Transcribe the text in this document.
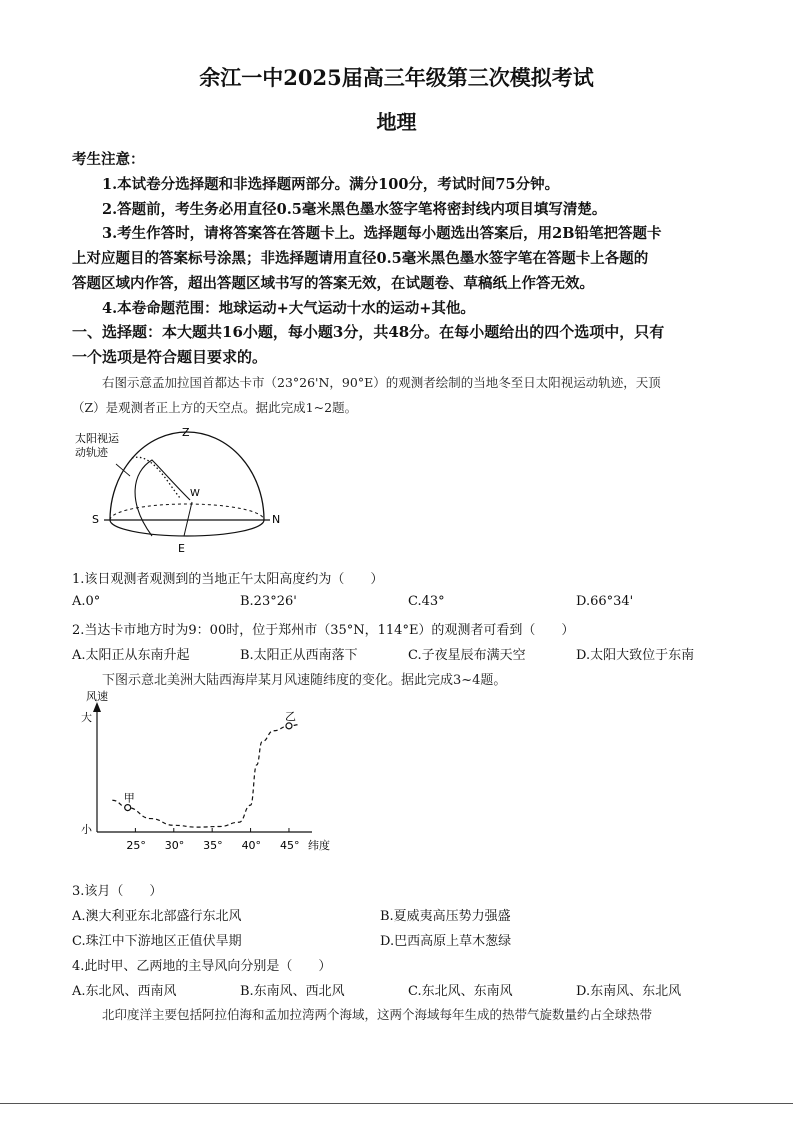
余江一中2025届高三年级第三次模拟考试
地理
考生注意：
1.本试卷分选择题和非选择题两部分。满分100分，考试时间75分钟。
2.答题前，考生务必用直径0.5毫米黑色墨水签字笔将密封线内项目填写清楚。
3.考生作答时，请将答案答在答题卡上。选择题每小题选出答案后，用2B铅笔把答题卡
上对应题目的答案标号涂黑；非选择题请用直径0.5毫米黑色墨水签字笔在答题卡上各题的
答题区域内作答，超出答题区域书写的答案无效，在试题卷、草稿纸上作答无效。
4.本卷命题范围：地球运动+大气运动十水的运动+其他。
一、选择题：本大题共16小题，每小题3分，共48分。在每小题给出的四个选项中，只有
一个选项是符合题目要求的。
右图示意孟加拉国首都达卡市（23°26'N，90°E）的观测者绘制的当地冬至日太阳视运动轨迹，天顶
（Z）是观测者正上方的天空点。据此完成1~2题。
太阳视运
动轨迹
Z
W
S	N
E
1.该日观测者观测到的当地正午太阳高度约为（　　）
A.0°	B.23°26'	C.43°	D.66°34'
2.当达卡市地方时为9：00时，位于郑州市（35°N，114°E）的观测者可看到（　　）
A.太阳正从东南升起	B.太阳正从西南落下	C.子夜星辰布满天空	D.太阳大致位于东南
下图示意北美洲大陆西海岸某月风速随纬度的变化。据此完成3~4题。
风速
大
小
纬度
25° 30° 35° 40° 45°
甲
乙
3.该月（　　）
A.澳大利亚东北部盛行东北风	B.夏威夷高压势力强盛
C.珠江中下游地区正值伏旱期	D.巴西高原上草木葱绿
4.此时甲、乙两地的主导风向分别是（　　）
A.东北风、西南风	B.东南风、西北风	C.东北风、东南风	D.东南风、东北风
北印度洋主要包括阿拉伯海和孟加拉湾两个海域，这两个海域每年生成的热带气旋数量约占全球热带
